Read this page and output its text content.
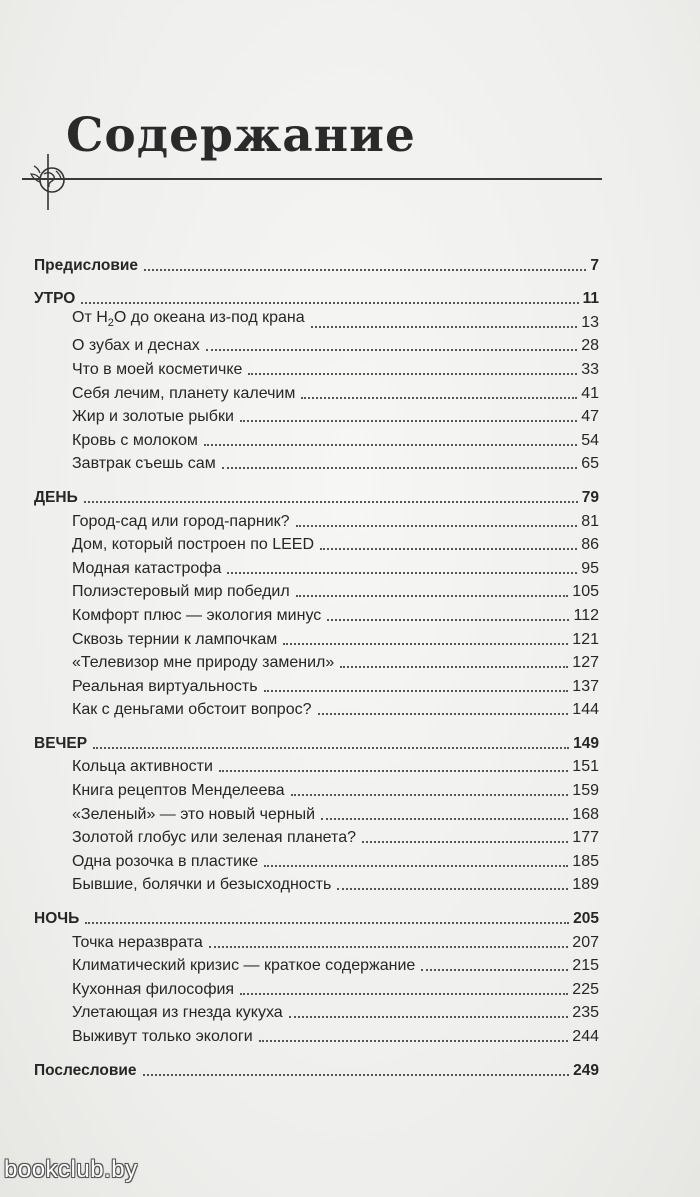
Содержание
Предисловие	7
УТРО	11
От $H_2O$ до океана из-под крана	13
О зубах и деснах	28
Что в моей косметичке	33
Себя лечим, планету калечим	41
Жир и золотые рыбки	47
Кровь с молоком	54
Завтрак съешь сам	65
ДЕНЬ	79
Город-сад или город-парник?	81
Дом, который построен по LEED	86
Модная катастрофа	95
Полиэстеровый мир победил	105
Комфорт плюс — экология минус	112
Сквозь тернии к лампочкам	121
«Телевизор мне природу заменил»	127
Реальная виртуальность	137
Как с деньгами обстоит вопрос?	144
ВЕЧЕР	149
Кольца активности	151
Книга рецептов Менделеева	159
«Зеленый» — это новый черный	168
Золотой глобус или зеленая планета?	177
Одна розочка в пластике	185
Бывшие, болячки и безысходность	189
НОЧЬ	205
Точка неразврата	207
Климатический кризис — краткое содержание	215
Кухонная философия	225
Улетающая из гнезда кукуха	235
Выживут только экологи	244
Послесловие	249
bookclub.by
